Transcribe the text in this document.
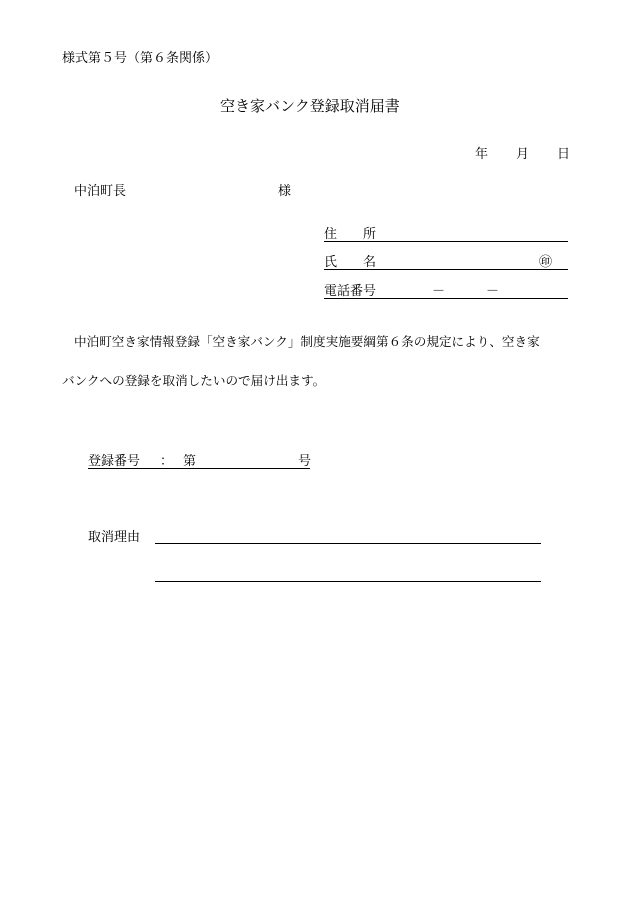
様式第５号（第６条関係）
空き家バンク登録取消届書
年 月 日
中泊町長	様
住　　所
氏　　名	㊞
電話番号	－	－
中泊町空き家情報登録「空き家バンク」制度実施要綱第６条の規定により、空き家
バンクへの登録を取消したいので届け出ます。
登録番号 ： 第	号
取消理由
